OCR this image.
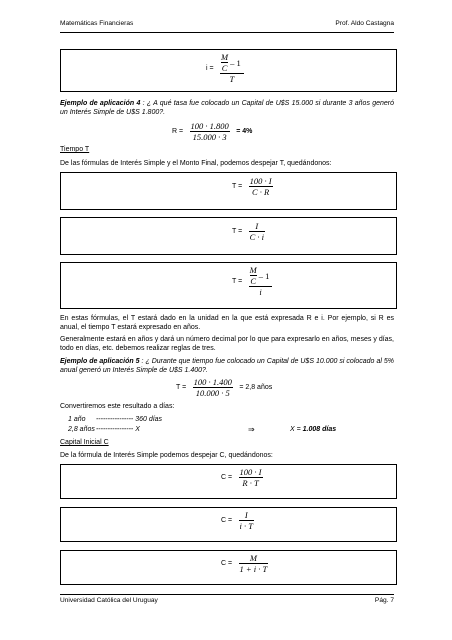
Matemáticas Financieras	Prof. Aldo Castagna
$i = \frac{\frac{M}{C} - 1}{T}$
Ejemplo de aplicación 4 : ¿ A qué tasa fue colocado un Capital de U$S 15.000 si durante 3 años generó un Interés Simple de U$S 1.800?.
$R = \frac{100 \cdot 1.800}{15.000 \cdot 3} = 4\%$
Tiempo T
De las fórmulas de Interés Simple y el Monto Final, podemos despejar T, quedándonos:
$T = \frac{100 \cdot I}{C \cdot R}$
$T = \frac{I}{C \cdot i}$
$T = \frac{\frac{M}{C} - 1}{i}$
En estas fórmulas, el T estará dado en la unidad en la que está expresada R e i. Por ejemplo, si R es anual, el tiempo T estará expresado en años.
Generalmente estará en años y dará un número decimal por lo que para expresarlo en años, meses y días, todo en días, etc. debemos realizar reglas de tres.
Ejemplo de aplicación 5 : ¿ Durante que tiempo fue colocado un Capital de U$S 10.000 si colocado al 5% anual generó un Interés Simple de U$S 1.400?.
$T = \frac{100 \cdot 1.400}{10.000 \cdot 5} = 2,8$ años
Convertiremos este resultado a días:
1 año ---------------- 360 días
2,8 años ---------------- X	⇒	X = 1.008 días
Capital Inicial C
De la fórmula de Interés Simple podemos despejar C, quedándonos:
$C = \frac{100 \cdot I}{R \cdot T}$
$C = \frac{I}{i \cdot T}$
$C = \frac{M}{1 + i \cdot T}$
Universidad Católica del Uruguay	Pág. 7
